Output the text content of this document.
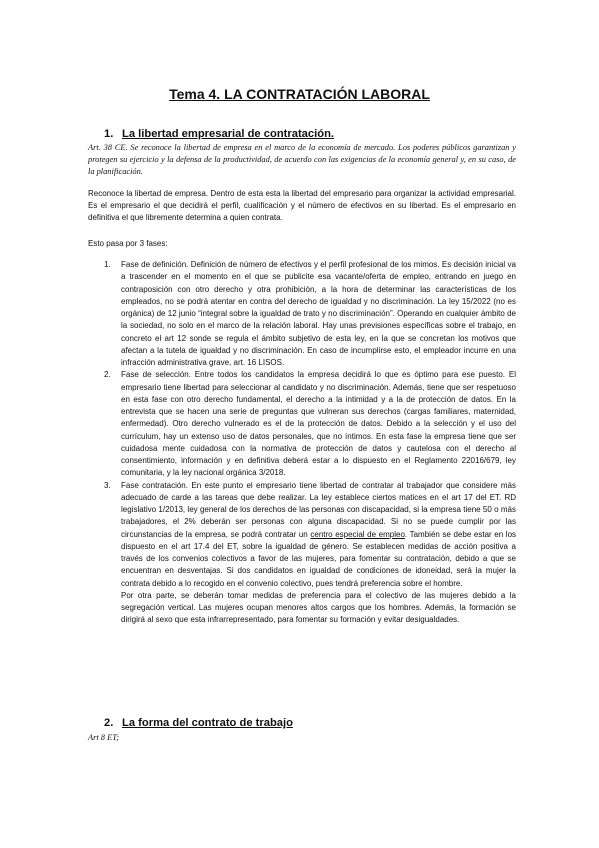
Tema 4. LA CONTRATACIÓN LABORAL
1. La libertad empresarial de contratación.
Art. 38 CE. Se reconoce la libertad de empresa en el marco de la economía de mercado. Los poderes públicos garantizan y protegen su ejercicio y la defensa de la productividad, de acuerdo con las exigencias de la economía general y, en su caso, de la planificación.
Reconoce la libertad de empresa. Dentro de esta esta la libertad del empresario para organizar la actividad empresarial. Es el empresario el que decidirá el perfil, cualificación y el número de efectivos en su libertad. Es el empresario en definitiva el que libremente determina a quien contrata.
Esto pasa por 3 fases:
1. Fase de definición. Definición de número de efectivos y el perfil profesional de los mimos. Es decisión inicial va a trascender en el momento en el que se publicite esa vacante/oferta de empleo, entrando en juego en contraposición con otro derecho y otra prohibición, a la hora de determinar las características de los empleados, no se podrá atentar en contra del derecho de igualdad y no discriminación. La ley 15/2022 (no es orgánica) de 12 junio “integral sobre la igualdad de trato y no discriminación”. Operando en cualquier ámbito de la sociedad, no solo en el marco de la relación laboral. Hay unas previsiones específicas sobre el trabajo, en concreto el art 12 sonde se regula el ámbito subjetivo de esta ley, en la que se concretan los motivos que afectan a la tutela de igualdad y no discriminación. En caso de incumplirse esto, el empleador incurre en una infracción administrativa grave, art. 16 LISOS.
2. Fase de selección. Entre todos los candidatos la empresa decidirá lo que es óptimo para ese puesto. El empresario tiene libertad para seleccionar al candidato y no discriminación. Además, tiene que ser respetuoso en esta fase con otro derecho fundamental, el derecho a la intimidad y a la de protección de datos. En la entrevista que se hacen una serie de preguntas que vulneran sus derechos (cargas familiares, maternidad, enfermedad). Otro derecho vulnerado es el de la protección de datos. Debido a la selección y el uso del currículum, hay un extenso uso de datos personales, que no íntimos. En esta fase la empresa tiene que ser cuidadosa mente cuidadosa con la normativa de protección de datos y cautelosa con el derecho al consentimiento, información y en definitiva deberá estar a lo dispuesto en el Reglamento 22016/679, ley comunitaria, y la ley nacional orgánica 3/2018.
3. Fase contratación. En este punto el empresario tiene libertad de contratar al trabajador que considere más adecuado de carde a las tareas que debe realizar. La ley establece ciertos matices en el art 17 del ET. RD legislativo 1/2013, ley general de los derechos de las personas con discapacidad, si la empresa tiene 50 o más trabajadores, el 2% deberán ser personas con alguna discapacidad. Si no se puede cumplir por las circunstancias de la empresa, se podrá contratar un centro especial de empleo. También se debe estar en los dispuesto en el art 17.4 del ET, sobre la igualdad de género. Se establecen medidas de acción positiva a través de los convenios colectivos a favor de las mujeres, para fomentar su contratación, debido a que se encuentran en desventajas. Si dos candidatos en igualdad de condiciones de idoneidad, será la mujer la contrata debido a lo recogido en el convenio colectivo, pues tendrá preferencia sobre el hombre.
Por otra parte, se deberán tomar medidas de preferencia para el colectivo de las mujeres debido a la segregación vertical. Las mujeres ocupan menores altos cargos que los hombres. Además, la formación se dirigirá al sexo que esta infrarrepresentado, para fomentar su formación y evitar desigualdades.
2. La forma del contrato de trabajo
Art 8 ET;
